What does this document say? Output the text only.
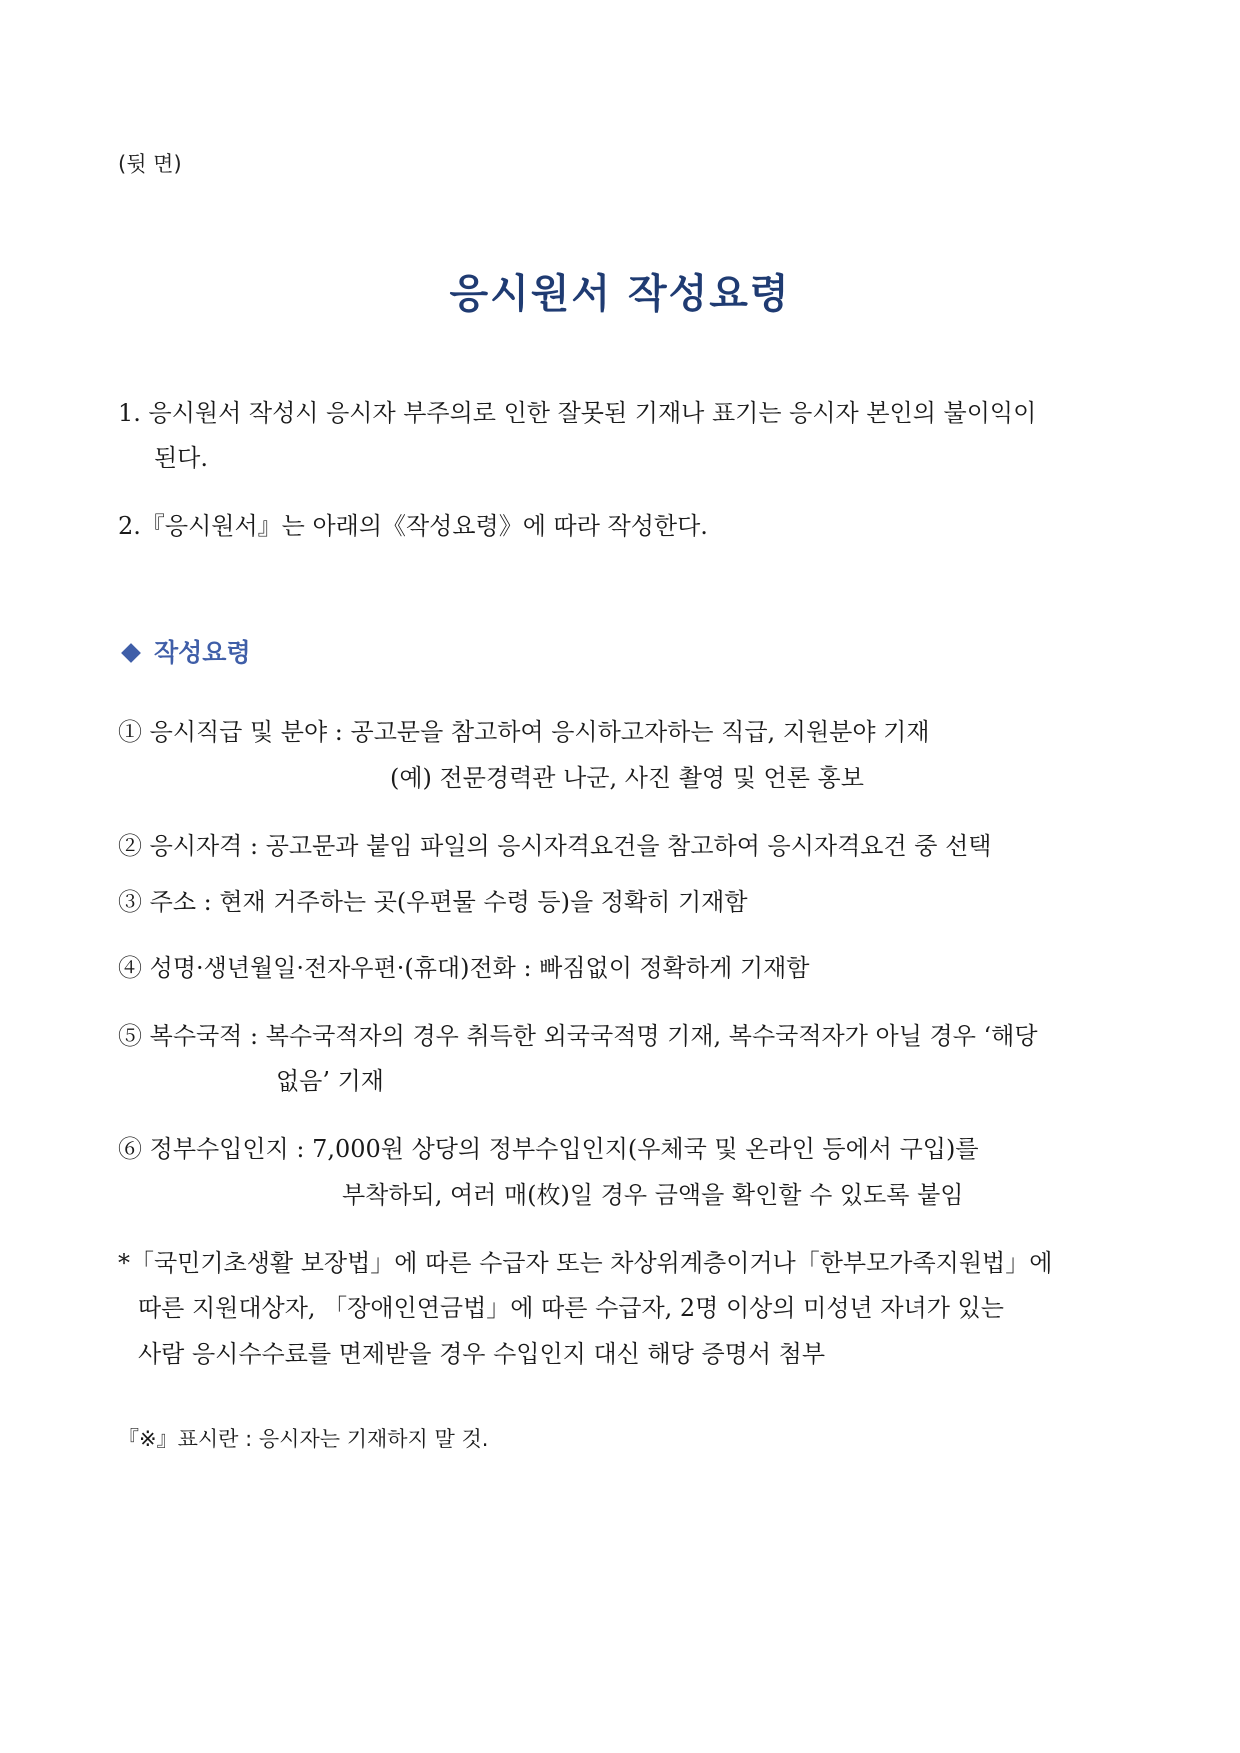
(뒷 면)
응시원서 작성요령
1. 응시원서 작성시 응시자 부주의로 인한 잘못된 기재나 표기는 응시자 본인의 불이익이
된다.
2.『응시원서』는 아래의《작성요령》에 따라 작성한다.
작성요령
① 응시직급 및 분야 : 공고문을 참고하여 응시하고자하는 직급, 지원분야 기재
(예) 전문경력관 나군, 사진 촬영 및 언론 홍보
② 응시자격 : 공고문과 붙임 파일의 응시자격요건을 참고하여 응시자격요건 중 선택
③ 주소 : 현재 거주하는 곳(우편물 수령 등)을 정확히 기재함
④ 성명·생년월일·전자우편·(휴대)전화 : 빠짐없이 정확하게 기재함
⑤ 복수국적 : 복수국적자의 경우 취득한 외국국적명 기재, 복수국적자가 아닐 경우 ‘해당
없음’ 기재
⑥ 정부수입인지 : 7,000원 상당의 정부수입인지(우체국 및 온라인 등에서 구입)를
부착하되, 여러 매(枚)일 경우 금액을 확인할 수 있도록 붙임
*「국민기초생활 보장법」에 따른 수급자 또는 차상위계층이거나「한부모가족지원법」에
따른 지원대상자, 「장애인연금법」에 따른 수급자, 2명 이상의 미성년 자녀가 있는
사람 응시수수료를 면제받을 경우 수입인지 대신 해당 증명서 첨부
『※』표시란 : 응시자는 기재하지 말 것.
